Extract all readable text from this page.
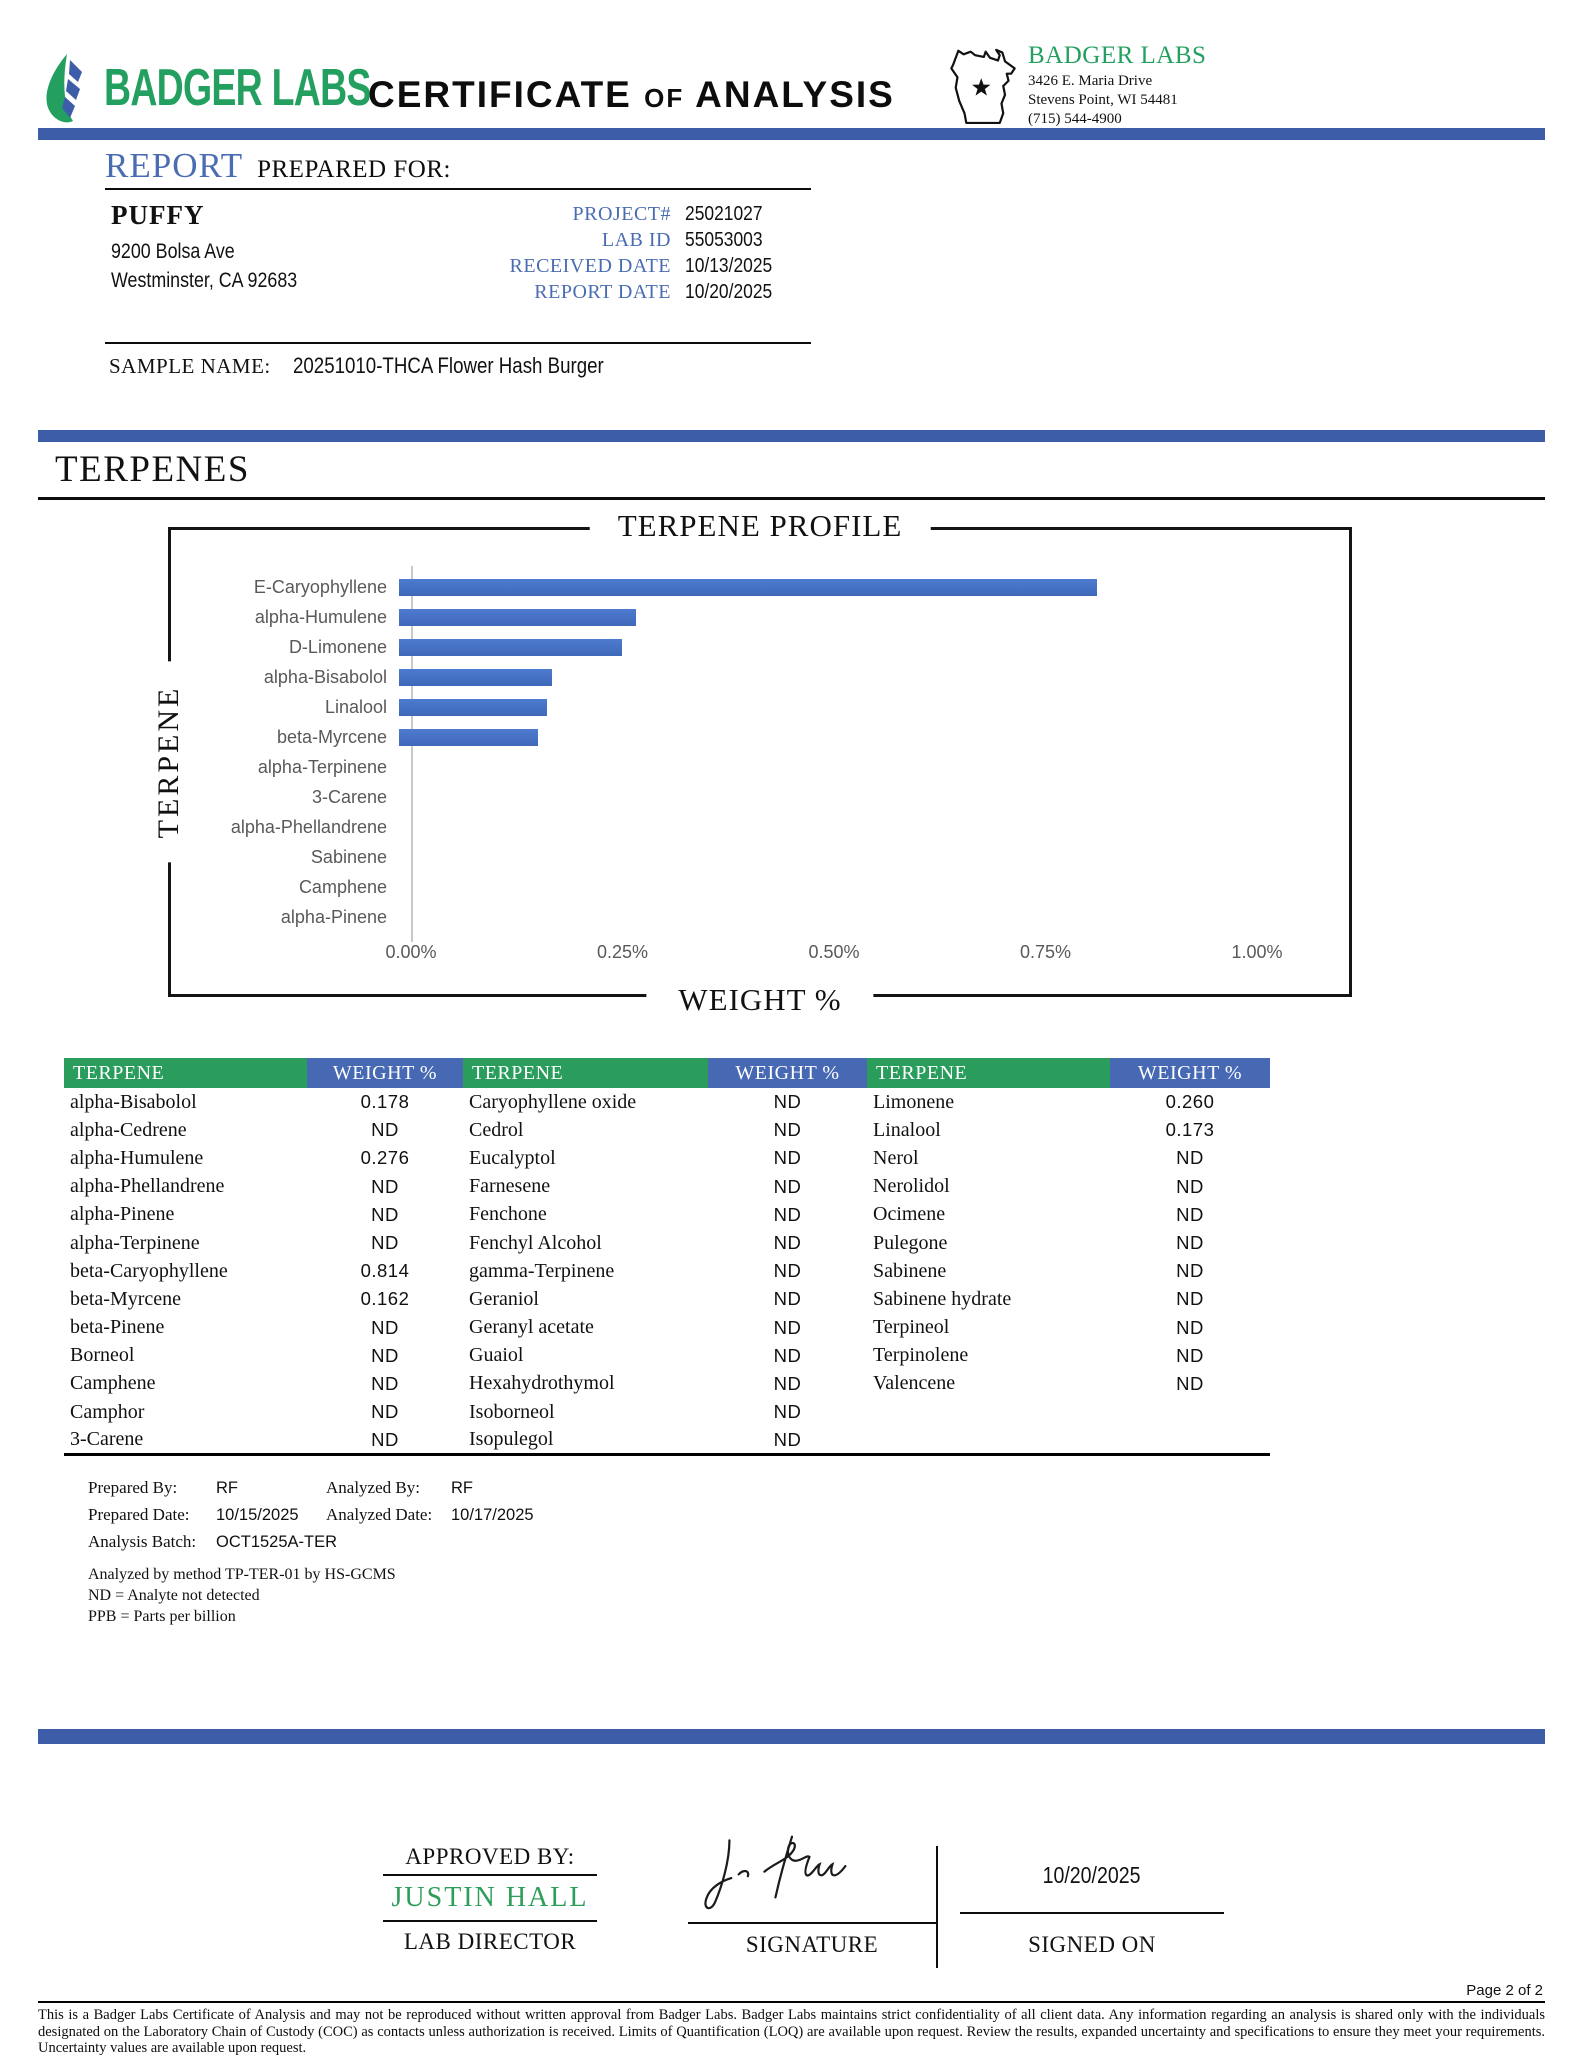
BADGER LABS
CERTIFICATE of ANALYSIS
BADGER LABS
3426 E. Maria Drive
Stevens Point, WI 54481
(715) 544-4900
REPORT PREPARED FOR:
PUFFY
9200 Bolsa Ave
Westminster, CA 92683
PROJECT# 25021027
LAB ID 55053003
RECEIVED DATE 10/13/2025
REPORT DATE 10/20/2025
SAMPLE NAME: 20251010-THCA Flower Hash Burger
TERPENES
TERPENE PROFILE
TERPENE
WEIGHT %
E-Caryophyllene
alpha-Humulene
D-Limonene
alpha-Bisabolol
Linalool
beta-Myrcene
alpha-Terpinene
3-Carene
alpha-Phellandrene
Sabinene
Camphene
alpha-Pinene
0.00%	0.25%	0.50%	0.75%	1.00%
TERPENE	WEIGHT %	TERPENE	WEIGHT %	TERPENE	WEIGHT %
alpha-Bisabolol	0.178	Caryophyllene oxide	ND	Limonene	0.260
alpha-Cedrene	ND	Cedrol	ND	Linalool	0.173
alpha-Humulene	0.276	Eucalyptol	ND	Nerol	ND
alpha-Phellandrene	ND	Farnesene	ND	Nerolidol	ND
alpha-Pinene	ND	Fenchone	ND	Ocimene	ND
alpha-Terpinene	ND	Fenchyl Alcohol	ND	Pulegone	ND
beta-Caryophyllene	0.814	gamma-Terpinene	ND	Sabinene	ND
beta-Myrcene	0.162	Geraniol	ND	Sabinene hydrate	ND
beta-Pinene	ND	Geranyl acetate	ND	Terpineol	ND
Borneol	ND	Guaiol	ND	Terpinolene	ND
Camphene	ND	Hexahydrothymol	ND	Valencene	ND
Camphor	ND	Isoborneol	ND		
3-Carene	ND	Isopulegol	ND		
Prepared By:	RF	Analyzed By:	RF
Prepared Date:	10/15/2025	Analyzed Date:	10/17/2025
Analysis Batch:	OCT1525A-TER
Analyzed by method TP-TER-01 by HS-GCMS
ND = Analyte not detected
PPB = Parts per billion
APPROVED BY:
JUSTIN HALL
LAB DIRECTOR	SIGNATURE
10/20/2025
SIGNED ON
Page 2 of 2
This is a Badger Labs Certificate of Analysis and may not be reproduced without written approval from Badger Labs. Badger Labs maintains strict confidentiality of all client data. Any information regarding an analysis is shared only with the individuals designated on the Laboratory Chain of Custody (COC) as contacts unless authorization is received. Limits of Quantification (LOQ) are available upon request. Review the results, expanded uncertainty and specifications to ensure they meet your requirements. Uncertainty values are available upon request.
